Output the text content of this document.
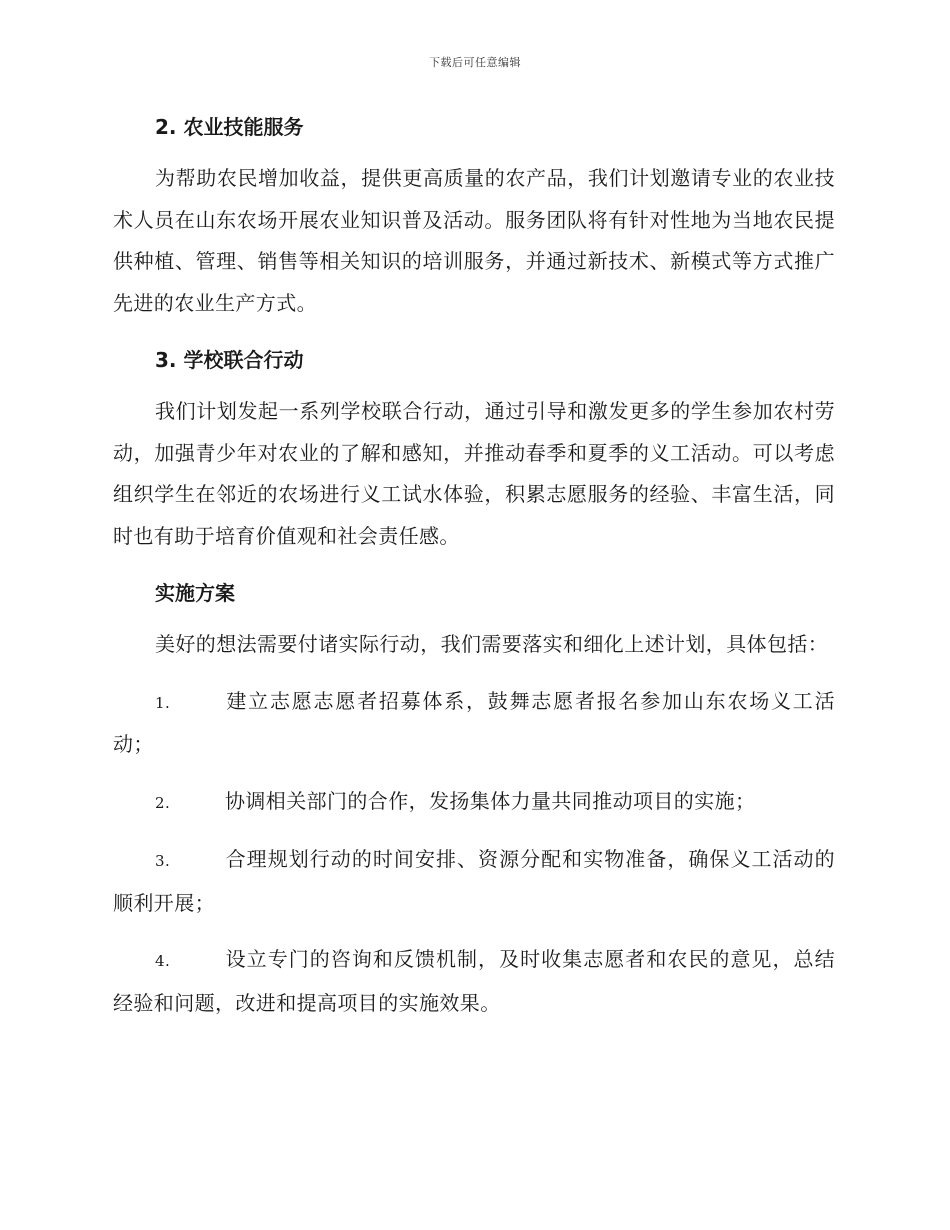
下载后可任意编辑
2. 农业技能服务

为帮助农民增加收益，提供更高质量的农产品，我们计划邀请专业的农业技术人员在山东农场开展农业知识普及活动。服务团队将有针对性地为当地农民提供种植、管理、销售等相关知识的培训服务，并通过新技术、新模式等方式推广先进的农业生产方式。

3. 学校联合行动

我们计划发起一系列学校联合行动，通过引导和激发更多的学生参加农村劳动，加强青少年对农业的了解和感知，并推动春季和夏季的义工活动。可以考虑组织学生在邻近的农场进行义工试水体验，积累志愿服务的经验、丰富生活，同时也有助于培育价值观和社会责任感。

实施方案

美好的想法需要付诸实际行动，我们需要落实和细化上述计划，具体包括：

1.	建立志愿志愿者招募体系，鼓舞志愿者报名参加山东农场义工活动；

2.	协调相关部门的合作，发扬集体力量共同推动项目的实施；

3.	合理规划行动的时间安排、资源分配和实物准备，确保义工活动的顺利开展；

4.	设立专门的咨询和反馈机制，及时收集志愿者和农民的意见，总结经验和问题，改进和提高项目的实施效果。
